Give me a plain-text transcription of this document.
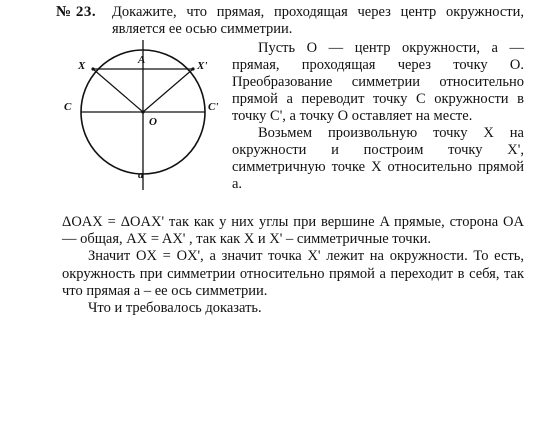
№ 23. Докажите, что прямая, проходящая через центр окружности, является ее осью симметрии.
X	X'
A
C	C'
O
a

Пусть O — центр окружности, a — прямая, проходящая через точку O. Преобразование симметрии относительно прямой a переводит точку C окружности в точку C', а точку O оставляет на месте.

Возьмем произвольную точку X на окружности и построим точку X', симметричную точке X относительно прямой a.

ΔOAX = ΔOAX' так как у них углы при вершине A прямые, сторона OA — общая, AX = AX' , так как X и X' – симметричные точки.

Значит OX = OX', а значит точка X' лежит на окружности. То есть, окружность при симметрии относительно прямой a переходит в себя, так что прямая a – ее ось симметрии.

Что и требовалось доказать.
